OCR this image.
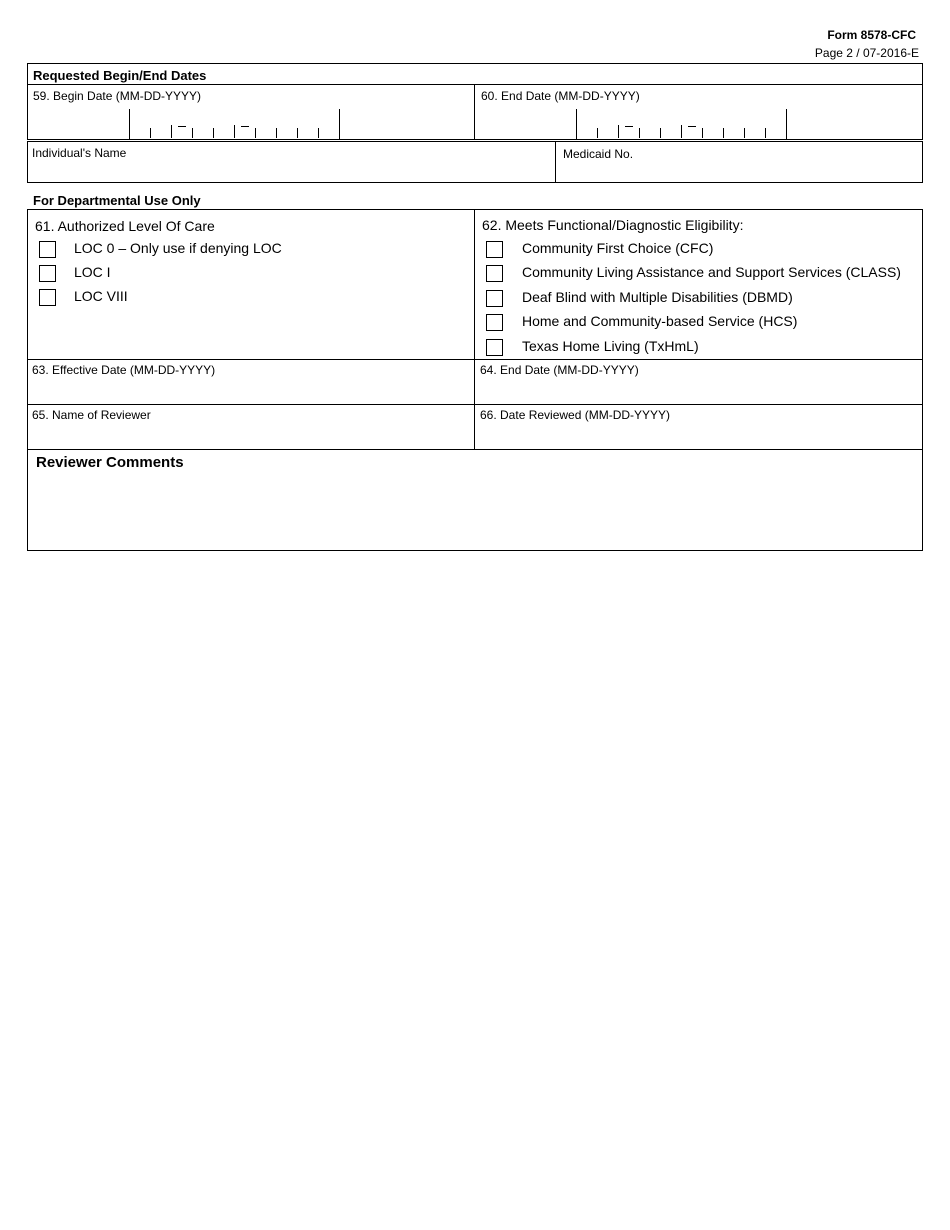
Form 8578-CFC
Page 2 / 07-2016-E
Requested Begin/End Dates
59. Begin Date (MM-DD-YYYY)	60. End Date (MM-DD-YYYY)
Individual's Name	Medicaid No.
For Departmental Use Only
61. Authorized Level Of Care
LOC 0 – Only use if denying LOC
LOC I
LOC VIII
62. Meets Functional/Diagnostic Eligibility:
Community First Choice (CFC)
Community Living Assistance and Support Services (CLASS)
Deaf Blind with Multiple Disabilities (DBMD)
Home and Community-based Service (HCS)
Texas Home Living (TxHmL)
63. Effective Date (MM-DD-YYYY)	64. End Date (MM-DD-YYYY)
65. Name of Reviewer	66. Date Reviewed (MM-DD-YYYY)
Reviewer Comments
